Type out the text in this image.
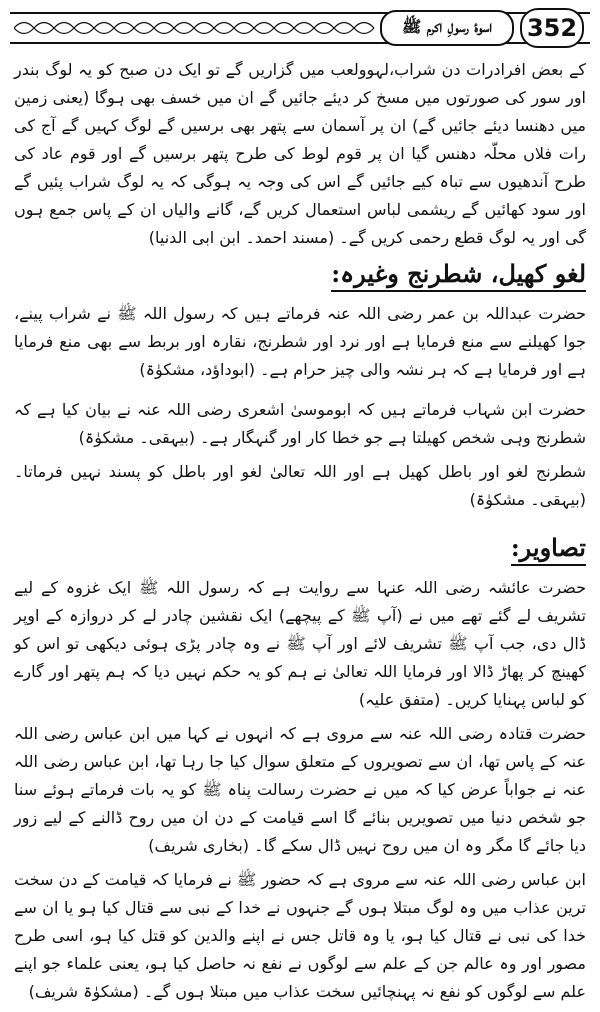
اسوۂ رسولِ اکرم ﷺ 352

کے بعض افرادرات دن شراب،لہوولعب میں گزاریں گے تو ایک دن صبح کو یہ لوگ بندر اور سور کی صورتوں میں مسخ کر دیئے جائیں گے ان میں خسف بھی ہوگا (یعنی زمین میں دھنسا دیئے جائیں گے) ان پر آسمان سے پتھر بھی برسیں گے لوگ کہیں گے آج کی رات فلاں محلّہ دھنس گیا ان پر قوم لوط کی طرح پتھر برسیں گے اور قوم عاد کی طرح آندھیوں سے تباہ کیے جائیں گے اس کی وجہ یہ ہوگی کہ یہ لوگ شراب پئیں گے اور سود کھائیں گے ریشمی لباس استعمال کریں گے، گانے والیاں ان کے پاس جمع ہوں گی اور یہ لوگ قطع رحمی کریں گے۔ (مسند احمد۔ ابن ابی الدنیا)

لغو کھیل، شطرنج وغیرہ:

حضرت عبداللہ بن عمر رضی اللہ عنہ فرماتے ہیں کہ رسول اللہ ﷺ نے شراب پینے، جوا کھیلنے سے منع فرمایا ہے اور نرد اور شطرنج، نقارہ اور بربط سے بھی منع فرمایا ہے اور فرمایا ہے کہ ہر نشہ والی چیز حرام ہے۔ (ابوداؤد، مشکوٰۃ)

حضرت ابن شہاب فرماتے ہیں کہ ابوموسیٰ اشعری رضی اللہ عنہ نے بیان کیا ہے کہ شطرنج وہی شخص کھیلتا ہے جو خطا کار اور گنہگار ہے۔ (بیہقی۔ مشکوٰۃ)

شطرنج لغو اور باطل کھیل ہے اور اللہ تعالیٰ لغو اور باطل کو پسند نہیں فرماتا۔ (بیہقی۔ مشکوٰۃ)

تصاویر:

حضرت عائشہ رضی اللہ عنہا سے روایت ہے کہ رسول اللہ ﷺ ایک غزوہ کے لیے تشریف لے گئے تھے میں نے (آپ ﷺ کے پیچھے) ایک نقشین چادر لے کر دروازہ کے اوپر ڈال دی، جب آپ ﷺ تشریف لائے اور آپ ﷺ نے وہ چادر پڑی ہوئی دیکھی تو اس کو کھینچ کر پھاڑ ڈالا اور فرمایا اللہ تعالیٰ نے ہم کو یہ حکم نہیں دیا کہ ہم پتھر اور گارے کو لباس پہنایا کریں۔ (متفق علیہ)

حضرت قتادہ رضی اللہ عنہ سے مروی ہے کہ انہوں نے کہا میں ابن عباس رضی اللہ عنہ کے پاس تھا، ان سے تصویروں کے متعلق سوال کیا جا رہا تھا، ابن عباس رضی اللہ عنہ نے جواباً عرض کیا کہ میں نے حضرت رسالت پناہ ﷺ کو یہ بات فرماتے ہوئے سنا جو شخص دنیا میں تصویریں بنائے گا اسے قیامت کے دن ان میں روح ڈالنے کے لیے زور دیا جائے گا مگر وہ ان میں روح نہیں ڈال سکے گا۔ (بخاری شریف)

ابن عباس رضی اللہ عنہ سے مروی ہے کہ حضور ﷺ نے فرمایا کہ قیامت کے دن سخت ترین عذاب میں وہ لوگ مبتلا ہوں گے جنہوں نے خدا کے نبی سے قتال کیا ہو یا ان سے خدا کی نبی نے قتال کیا ہو، یا وہ قاتل جس نے اپنے والدین کو قتل کیا ہو، اسی طرح مصور اور وہ عالم جن کے علم سے لوگوں نے نفع نہ حاصل کیا ہو، یعنی علماء جو اپنے علم سے لوگوں کو نفع نہ پہنچائیں سخت عذاب میں مبتلا ہوں گے۔ (مشکوٰۃ شریف)
